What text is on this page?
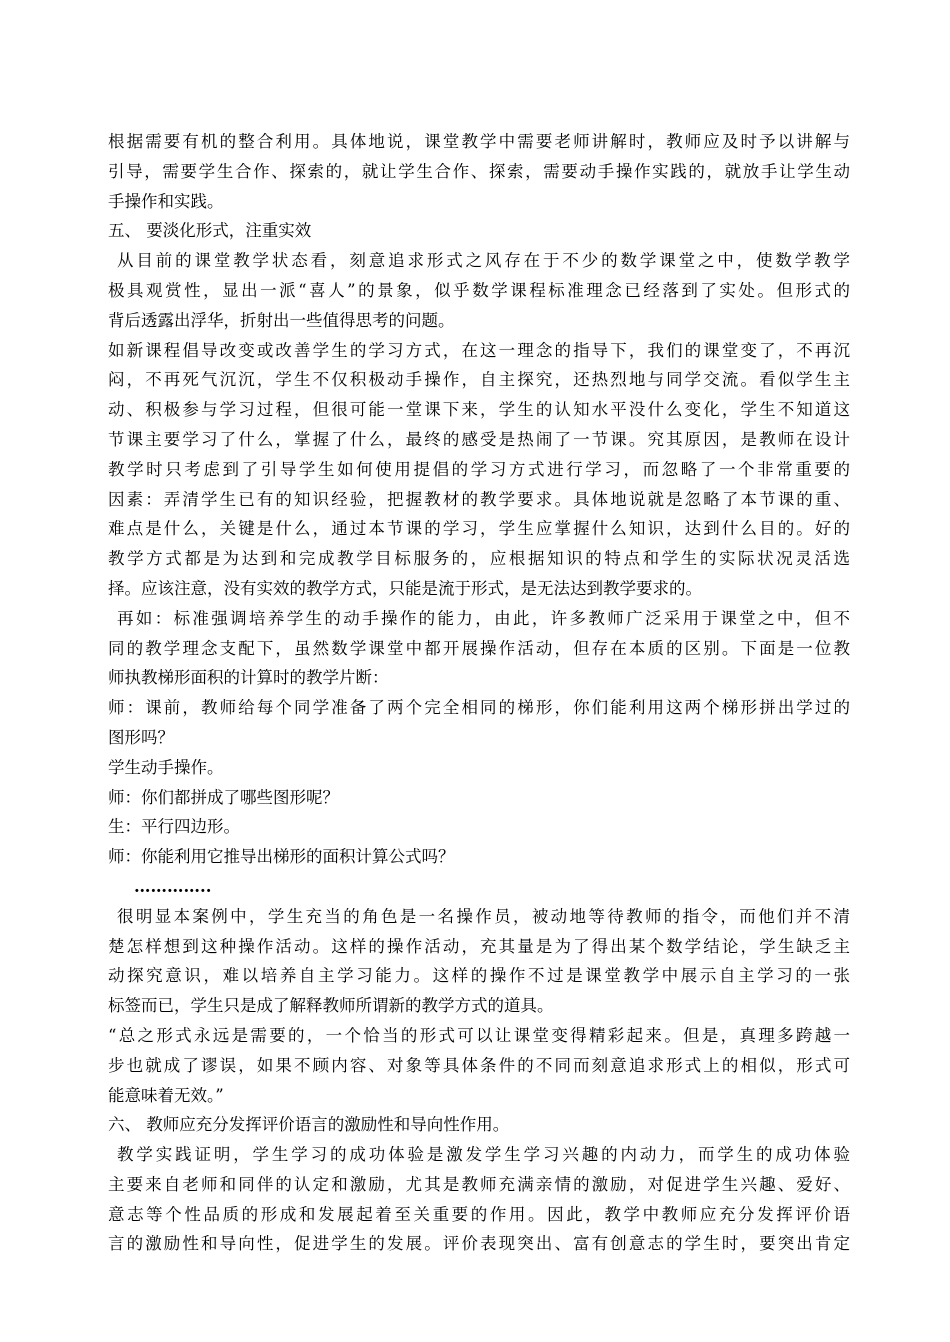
根据需要有机的整合利用。具体地说，课堂教学中需要老师讲解时，教师应及时予以讲解与
引导，需要学生合作、探索的，就让学生合作、探索，需要动手操作实践的，就放手让学生动
手操作和实践。
五、 要淡化形式，注重实效
从目前的课堂教学状态看，刻意追求形式之风存在于不少的数学课堂之中，使数学教学
极具观赏性，显出一派“喜人”的景象，似乎数学课程标准理念已经落到了实处。但形式的
背后透露出浮华，折射出一些值得思考的问题。
如新课程倡导改变或改善学生的学习方式，在这一理念的指导下，我们的课堂变了，不再沉
闷，不再死气沉沉，学生不仅积极动手操作，自主探究，还热烈地与同学交流。看似学生主
动、积极参与学习过程，但很可能一堂课下来，学生的认知水平没什么变化，学生不知道这
节课主要学习了什么，掌握了什么，最终的感受是热闹了一节课。究其原因，是教师在设计
教学时只考虑到了引导学生如何使用提倡的学习方式进行学习，而忽略了一个非常重要的
因素：弄清学生已有的知识经验，把握教材的教学要求。具体地说就是忽略了本节课的重、
难点是什么，关键是什么，通过本节课的学习，学生应掌握什么知识，达到什么目的。好的
教学方式都是为达到和完成教学目标服务的，应根据知识的特点和学生的实际状况灵活选
择。应该注意，没有实效的教学方式，只能是流于形式，是无法达到教学要求的。
再如：标准强调培养学生的动手操作的能力，由此，许多教师广泛采用于课堂之中，但不
同的教学理念支配下，虽然数学课堂中都开展操作活动，但存在本质的区别。下面是一位教
师执教梯形面积的计算时的教学片断：
师：课前，教师给每个同学准备了两个完全相同的梯形，你们能利用这两个梯形拼出学过的
图形吗？
学生动手操作。
师：你们都拼成了哪些图形呢？
生：平行四边形。
师：你能利用它推导出梯形的面积计算公式吗？
…………..
很明显本案例中，学生充当的角色是一名操作员，被动地等待教师的指令，而他们并不清
楚怎样想到这种操作活动。这样的操作活动，充其量是为了得出某个数学结论，学生缺乏主
动探究意识，难以培养自主学习能力。这样的操作不过是课堂教学中展示自主学习的一张
标签而已，学生只是成了解释教师所谓新的教学方式的道具。
“总之形式永远是需要的，一个恰当的形式可以让课堂变得精彩起来。但是，真理多跨越一
步也就成了谬误，如果不顾内容、对象等具体条件的不同而刻意追求形式上的相似，形式可
能意味着无效。”
六、 教师应充分发挥评价语言的激励性和导向性作用。
教学实践证明，学生学习的成功体验是激发学生学习兴趣的内动力，而学生的成功体验
主要来自老师和同伴的认定和激励，尤其是教师充满亲情的激励，对促进学生兴趣、爱好、
意志等个性品质的形成和发展起着至关重要的作用。因此，教学中教师应充分发挥评价语
言的激励性和导向性，促进学生的发展。评价表现突出、富有创意志的学生时，要突出肯定
